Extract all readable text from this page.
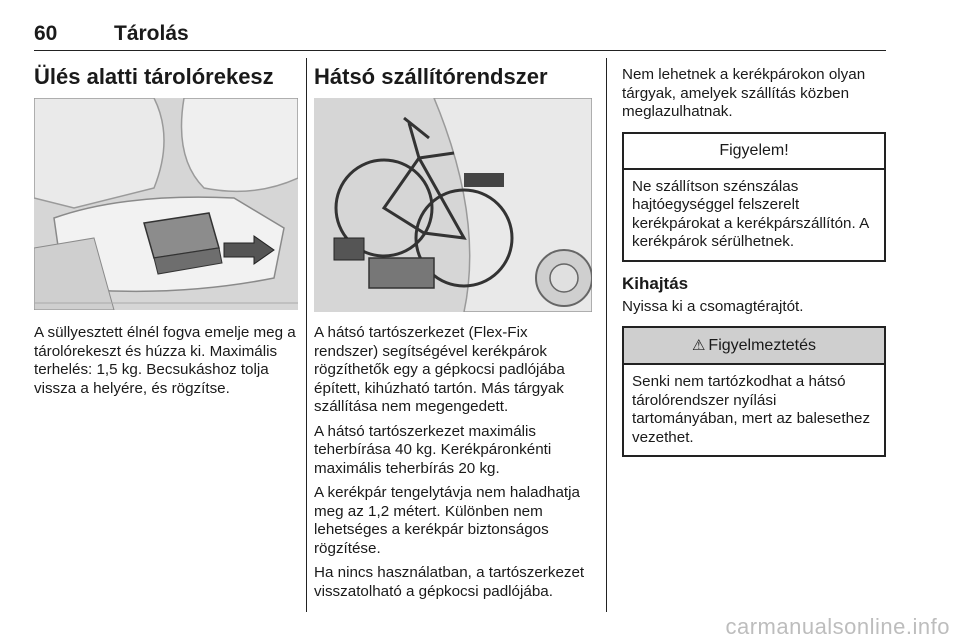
60	Tárolás
Ülés alatti tárolórekesz

A süllyesztett élnél fogva emelje meg a tárolórekeszt és húzza ki. Maximális terhelés: 1,5 kg. Becsukáshoz tolja vissza a helyére, és rögzítse.

Hátsó szállítórendszer

A hátsó tartószerkezet (Flex-Fix rendszer) segítségével kerékpárok rögzíthetők egy a gépkocsi padlójába épített, kihúzható tartón. Más tárgyak szállítása nem megengedett.

A hátsó tartószerkezet maximális teherbírása 40 kg. Kerékpáronkénti maximális teherbírás 20 kg.

A kerékpár tengelytávja nem haladhatja meg az 1,2 métert. Különben nem lehetséges a kerékpár biztonságos rögzítése.

Ha nincs használatban, a tartószerkezet visszatolható a gépkocsi padlójába.

Nem lehetnek a kerékpárokon olyan tárgyak, amelyek szállítás közben meglazulhatnak.

Figyelem!
Ne szállítson szénszálas hajtóegységgel felszerelt kerékpárokat a kerékpárszállítón. A kerékpárok sérülhetnek.
Kihajtás

Nyissa ki a csomagtérajtót.

⚠ Figyelmeztetés
Senki nem tartózkodhat a hátsó tárolórendszer nyílási tartományában, mert az balesethez vezethet.
carmanualsonline.info
